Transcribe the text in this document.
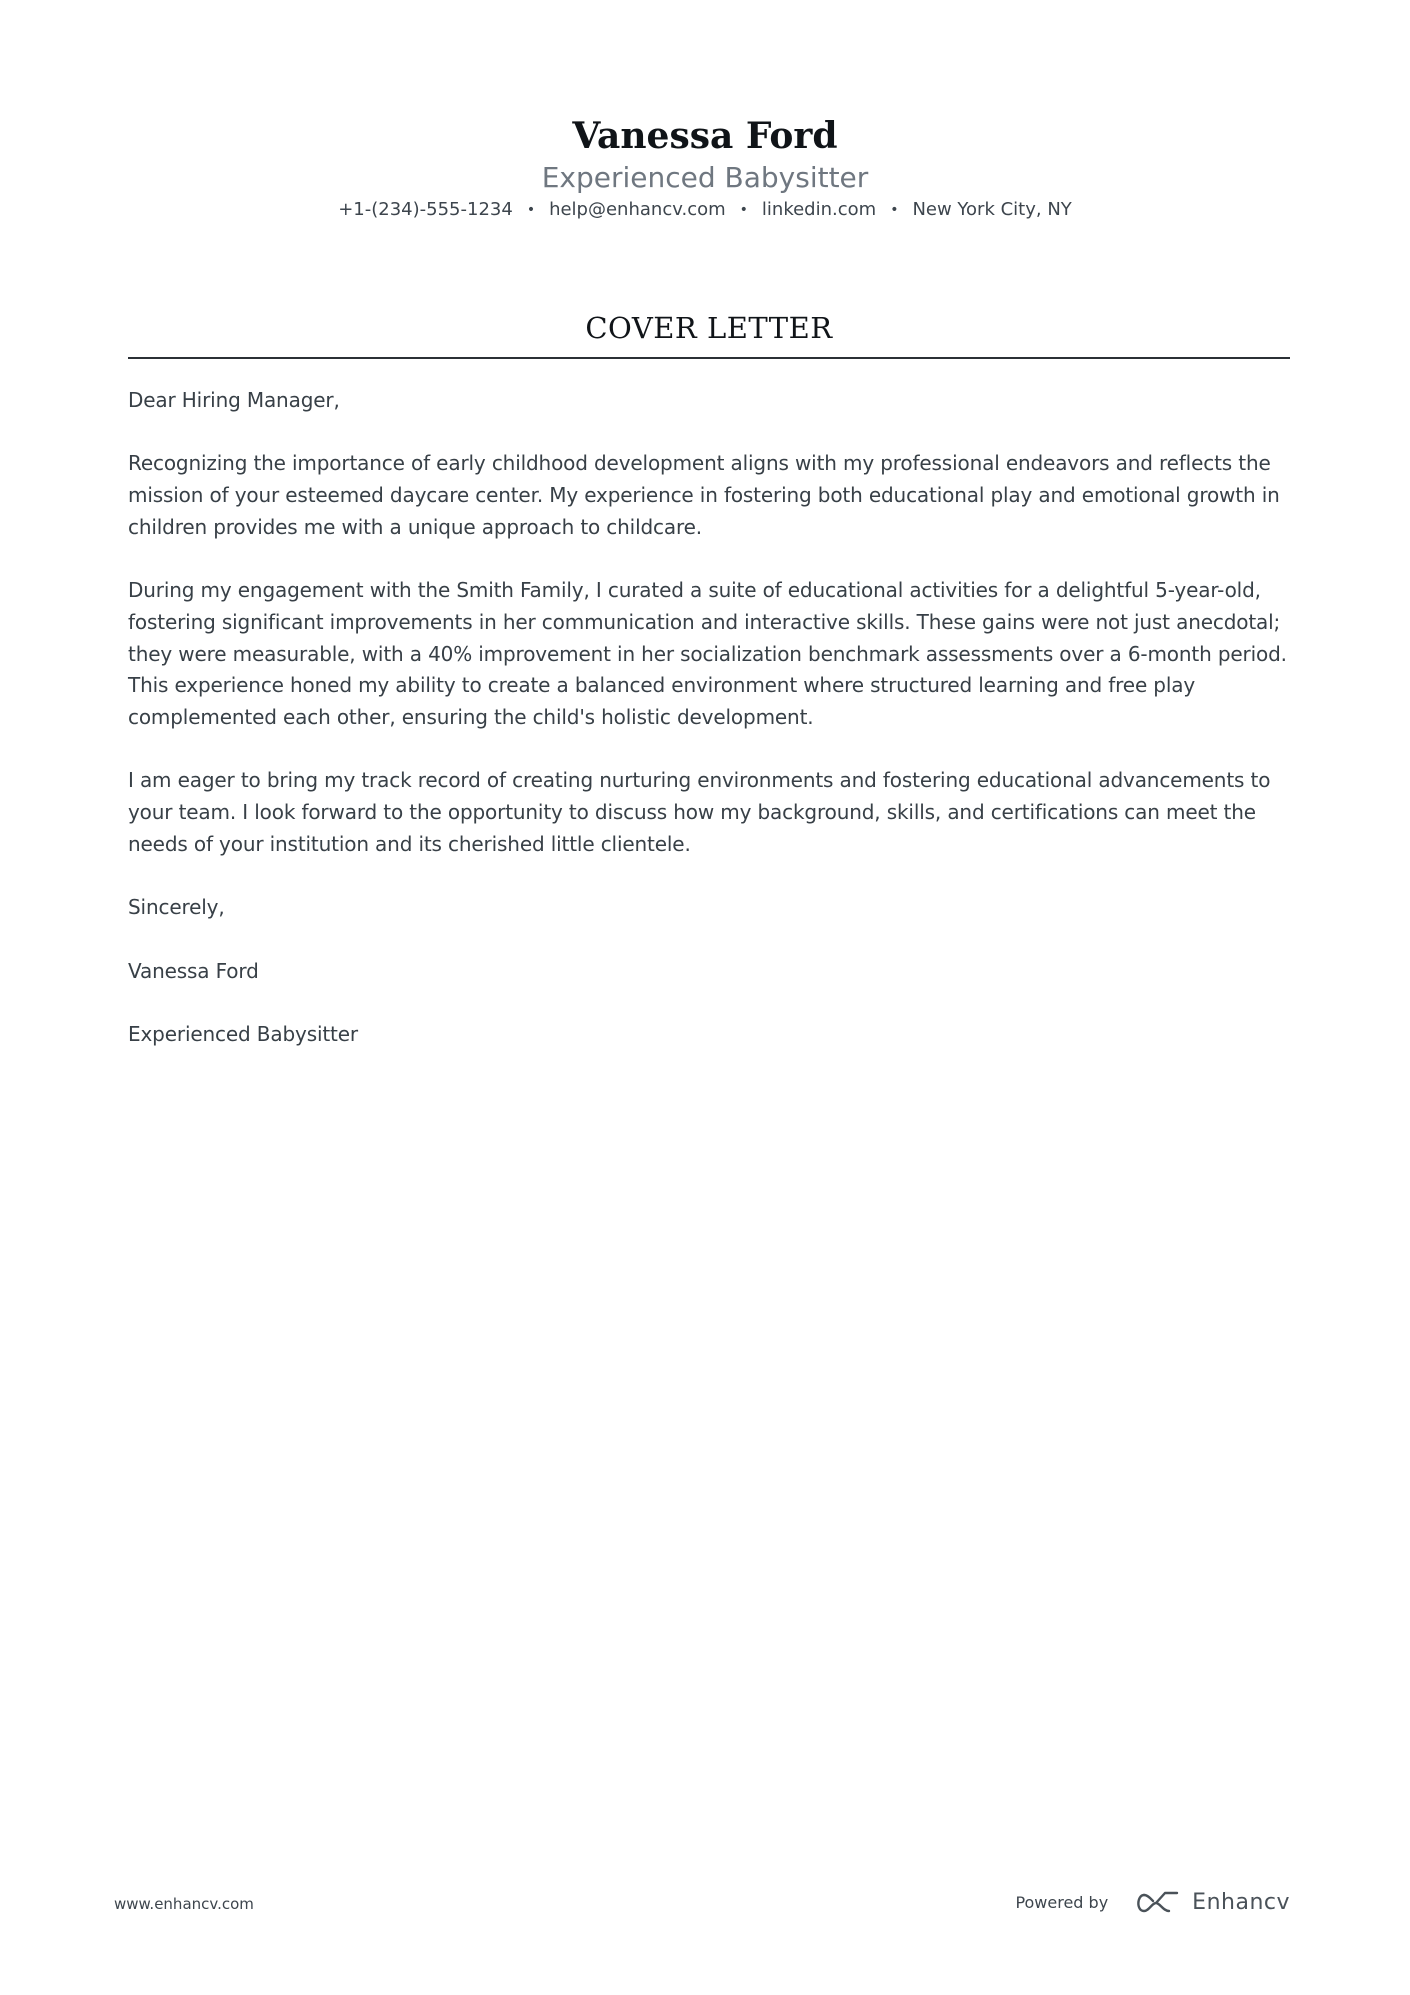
Vanessa Ford

Experienced Babysitter

+1-(234)-555-1234 • help@enhancv.com • linkedin.com • New York City, NY
COVER LETTER

Dear Hiring Manager,

Recognizing the importance of early childhood development aligns with my professional endeavors and reflects the mission of your esteemed daycare center. My experience in fostering both educational play and emotional growth in children provides me with a unique approach to childcare.

During my engagement with the Smith Family, I curated a suite of educational activities for a delightful 5-year-old, fostering significant improvements in her communication and interactive skills. These gains were not just anecdotal; they were measurable, with a 40% improvement in her socialization benchmark assessments over a 6-month period. This experience honed my ability to create a balanced environment where structured learning and free play complemented each other, ensuring the child's holistic development.

I am eager to bring my track record of creating nurturing environments and fostering educational advancements to your team. I look forward to the opportunity to discuss how my background, skills, and certifications can meet the needs of your institution and its cherished little clientele.

Sincerely,

Vanessa Ford

Experienced Babysitter

www.enhancv.com	Powered by	Enhancv
